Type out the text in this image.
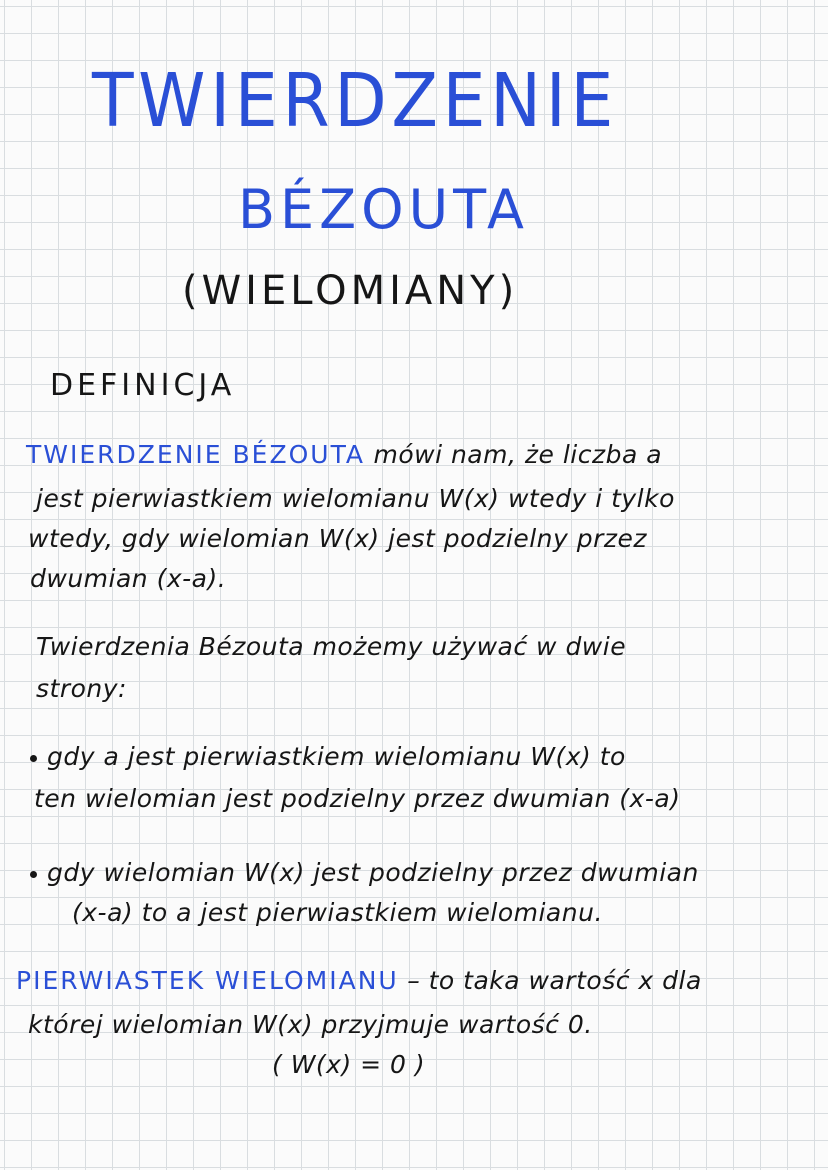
TWIERDZENIE
BÉZOUTA
(WIELOMIANY)
DEFINICJA
TWIERDZENIE BÉZOUTA mówi nam, że liczba a
jest pierwiastkiem wielomianu W(x) wtedy i tylko
wtedy, gdy wielomian W(x) jest podzielny przez
dwumian (x-a).
Twierdzenia Bézouta możemy używać w dwie
strony:
gdy a jest pierwiastkiem wielomianu W(x) to
ten wielomian jest podzielny przez dwumian (x-a)
gdy wielomian W(x) jest podzielny przez dwumian
(x-a) to a jest pierwiastkiem wielomianu.
PIERWIASTEK WIELOMIANU – to taka wartość x dla
której wielomian W(x) przyjmuje wartość 0.
( W(x) = 0 )
